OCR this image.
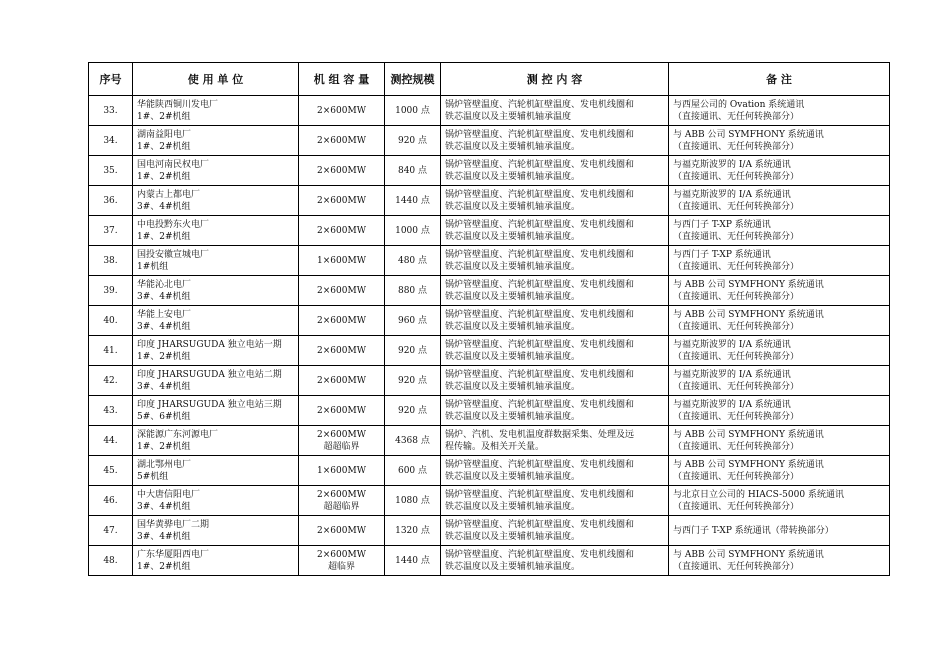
序号	使 用 单 位	机 组 容 量	测控规模	测 控 内 容	备 注

33.	华能陕西铜川发电厂
1#、2#机组	2×600MW	1000 点	锅炉管壁温度、汽轮机缸壁温度、发电机线圈和
铁芯温度以及主要辅机轴承温度	与西屋公司的 Ovation 系统通讯
（直接通讯、无任何转换部分）

34.	湖南益阳电厂
1#、2#机组	2×600MW	920 点	锅炉管壁温度、汽轮机缸壁温度、发电机线圈和
铁芯温度以及主要辅机轴承温度。	与 ABB 公司 SYMFHONY 系统通讯
（直接通讯、无任何转换部分）

35.	国电河南民权电厂
1#、2#机组	2×600MW	840 点	锅炉管壁温度、汽轮机缸壁温度、发电机线圈和
铁芯温度以及主要辅机轴承温度。	与福克斯波罗的 I/A 系统通讯
（直接通讯、无任何转换部分）

36.	内蒙古上都电厂
3#、4#机组	2×600MW	1440 点	锅炉管壁温度、汽轮机缸壁温度、发电机线圈和
铁芯温度以及主要辅机轴承温度。	与福克斯波罗的 I/A 系统通讯
（直接通讯、无任何转换部分）

37.	中电投黔东火电厂
1#、2#机组	2×600MW	1000 点	锅炉管壁温度、汽轮机缸壁温度、发电机线圈和
铁芯温度以及主要辅机轴承温度。	与西门子 T-XP 系统通讯
（直接通讯、无任何转换部分）

38.	国投安徽宣城电厂
1#机组	1×600MW	480 点	锅炉管壁温度、汽轮机缸壁温度、发电机线圈和
铁芯温度以及主要辅机轴承温度。	与西门子 T-XP 系统通讯
（直接通讯、无任何转换部分）

39.	华能沁北电厂
3#、4#机组	2×600MW	880 点	锅炉管壁温度、汽轮机缸壁温度、发电机线圈和
铁芯温度以及主要辅机轴承温度。	与 ABB 公司 SYMFHONY 系统通讯
（直接通讯、无任何转换部分）

40.	华能上安电厂
3#、4#机组	2×600MW	960 点	锅炉管壁温度、汽轮机缸壁温度、发电机线圈和
铁芯温度以及主要辅机轴承温度。	与 ABB 公司 SYMFHONY 系统通讯
（直接通讯、无任何转换部分）

41.	印度 JHARSUGUDA 独立电站一期
1#、2#机组	2×600MW	920 点	锅炉管壁温度、汽轮机缸壁温度、发电机线圈和
铁芯温度以及主要辅机轴承温度。	与福克斯波罗的 I/A 系统通讯
（直接通讯、无任何转换部分）

42.	印度 JHARSUGUDA 独立电站二期
3#、4#机组	2×600MW	920 点	锅炉管壁温度、汽轮机缸壁温度、发电机线圈和
铁芯温度以及主要辅机轴承温度。	与福克斯波罗的 I/A 系统通讯
（直接通讯、无任何转换部分）

43.	印度 JHARSUGUDA 独立电站三期
5#、6#机组	2×600MW	920 点	锅炉管壁温度、汽轮机缸壁温度、发电机线圈和
铁芯温度以及主要辅机轴承温度。	与福克斯波罗的 I/A 系统通讯
（直接通讯、无任何转换部分）

44.	深能源广东河源电厂
1#、2#机组	2×600MW
超超临界	4368 点	锅炉、汽机、发电机温度群数据采集、处理及远
程传输。及相关开关量。	与 ABB 公司 SYMFHONY 系统通讯
（直接通讯、无任何转换部分）

45.	湖北鄂州电厂
5#机组	1×600MW	600 点	锅炉管壁温度、汽轮机缸壁温度、发电机线圈和
铁芯温度以及主要辅机轴承温度。	与 ABB 公司 SYMFHONY 系统通讯
（直接通讯、无任何转换部分）

46.	中大唐信阳电厂
3#、4#机组	2×600MW
超超临界	1080 点	锅炉管壁温度、汽轮机缸壁温度、发电机线圈和
铁芯温度以及主要辅机轴承温度。	与北京日立公司的 HIACS-5000 系统通讯
（直接通讯、无任何转换部分）

47.	国华黄骅电厂二期
3#、4#机组	2×600MW	1320 点	锅炉管壁温度、汽轮机缸壁温度、发电机线圈和
铁芯温度以及主要辅机轴承温度。	与西门子 T-XP 系统通讯（带转换部分）

48.	广东华厦阳西电厂
1#、2#机组	2×600MW
超临界	1440 点	锅炉管壁温度、汽轮机缸壁温度、发电机线圈和
铁芯温度以及主要辅机轴承温度。	与 ABB 公司 SYMFHONY 系统通讯
（直接通讯、无任何转换部分）
